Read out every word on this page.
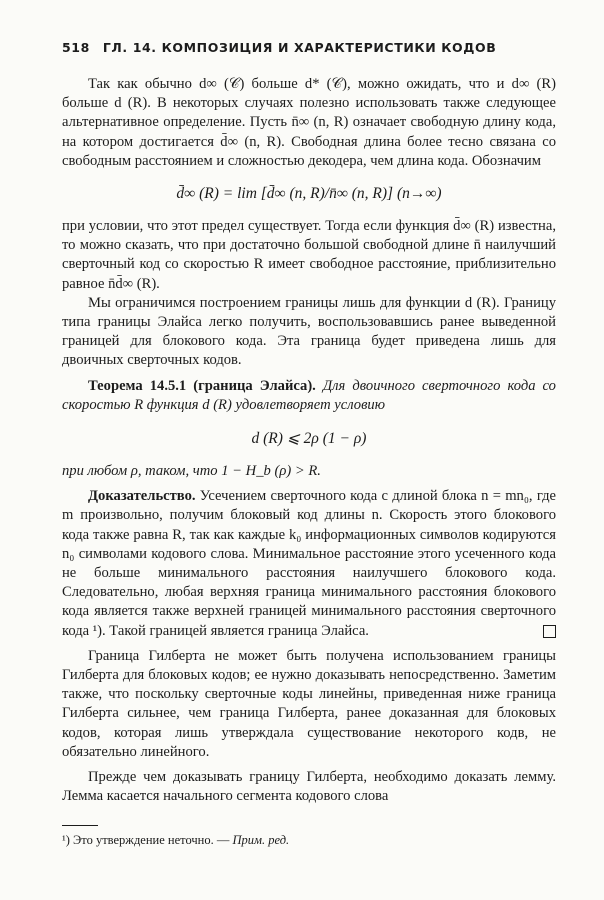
518 ГЛ. 14. КОМПОЗИЦИЯ И ХАРАКТЕРИСТИКИ КОДОВ

Так как обычно d∞ (𝒞) больше d* (𝒞), можно ожидать, что и d∞ (R) больше d (R). В некоторых случаях полезно использовать также следующее альтернативное определение. Пусть n̄∞ (n, R) означает свободную длину кода, на котором достигается d̄∞ (n, R). Свободная длина более тесно связана со свободным расстоянием и сложностью декодера, чем длина кода. Обозначим

d̄∞ (R) = lim [d̄∞ (n, R)/n̄∞ (n, R)] (n→∞)

при условии, что этот предел существует. Тогда если функция d̄∞ (R) известна, то можно сказать, что при достаточно большой свободной длине n̄ наилучший сверточный код со скоростью R имеет свободное расстояние, приблизительно равное n̄d̄∞ (R).

Мы ограничимся построением границы лишь для функции d (R). Границу типа границы Элайса легко получить, воспользовавшись ранее выведенной границей для блокового кода. Эта граница будет приведена лишь для двоичных сверточных кодов.

Теорема 14.5.1 (граница Элайса). Для двоичного сверточного кода со скоростью R функция d (R) удовлетворяет условию

d (R) ⩽ 2ρ (1 − ρ)

при любом ρ, таком, что 1 − H_b (ρ) > R.

Доказательство. Усечением сверточного кода с длиной блока n = mn₀, где m произвольно, получим блоковый код длины n. Скорость этого блокового кода также равна R, так как каждые k₀ информационных символов кодируются n₀ символами кодового слова. Минимальное расстояние этого усеченного кода не больше минимального расстояния наилучшего блокового кода. Следовательно, любая верхняя граница минимального расстояния блокового кода является также верхней границей минимального расстояния сверточного кода ¹). Такой границей является граница Элайса.

Граница Гилберта не может быть получена использованием границы Гилберта для блоковых кодов; ее нужно доказывать непосредственно. Заметим также, что поскольку сверточные коды линейны, приведенная ниже граница Гилберта сильнее, чем граница Гилберта, ранее доказанная для блоковых кодов, которая лишь утверждала существование некоторого кодв, не обязательно линейного.

Прежде чем доказывать границу Гилберта, необходимо доказать лемму. Лемма касается начального сегмента кодового слова

¹) Это утверждение неточно. — Прим. ред.
